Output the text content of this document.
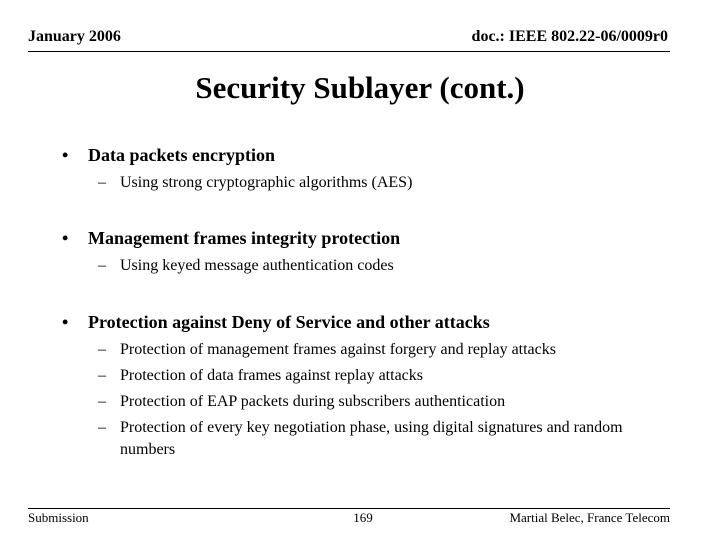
January 2006	doc.: IEEE 802.22-06/0009r0
Security Sublayer (cont.)
• Data packets encryption
– Using strong cryptographic algorithms (AES)
• Management frames integrity protection
– Using keyed message authentication codes
• Protection against Deny of Service and other attacks
– Protection of management frames against forgery and replay attacks
– Protection of data frames against replay attacks
– Protection of EAP packets during subscribers authentication
– Protection of every key negotiation phase, using digital signatures and random numbers
Submission	169	Martial Belec, France Telecom
